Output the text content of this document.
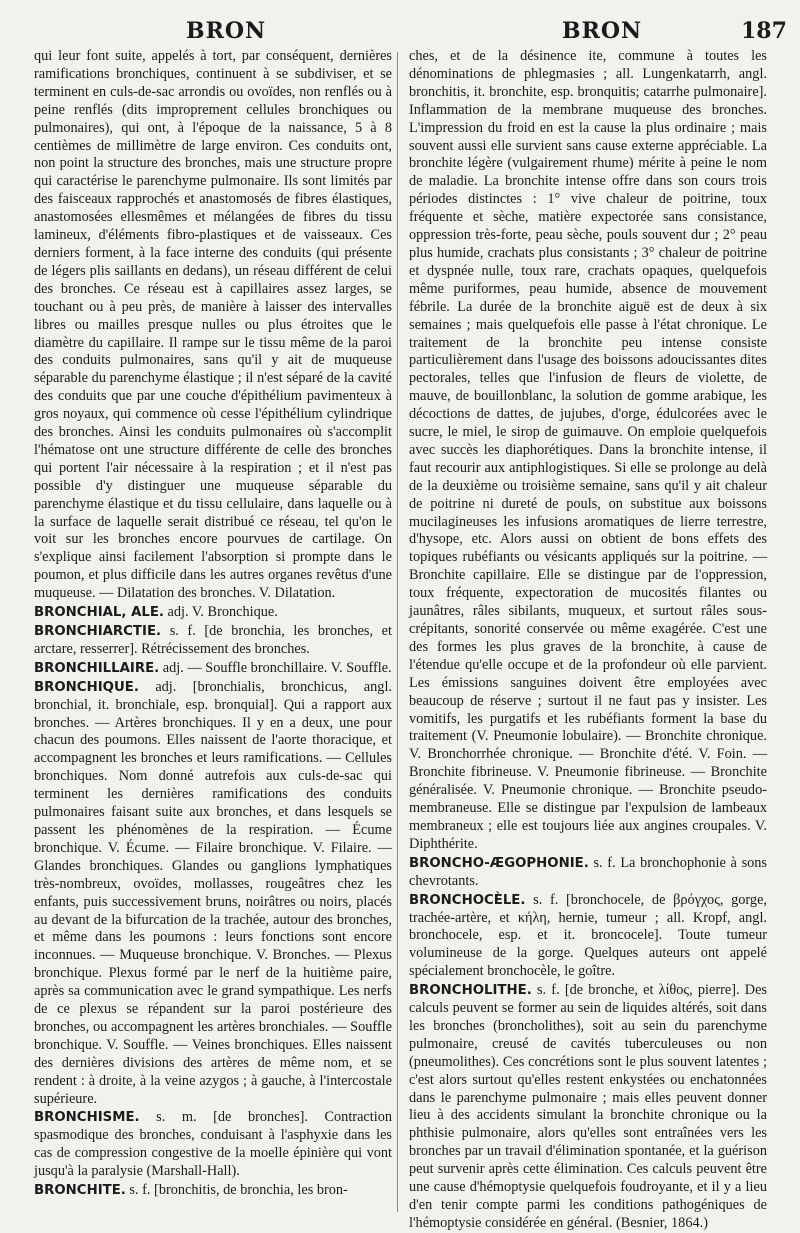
BRON	BRON	187

qui leur font suite, appelés à tort, par conséquent, dernières ramifications bronchiques, continuent à se subdiviser, et se terminent en culs-de-sac arrondis ou ovoïdes, non renflés ou à peine renflés (dits improprement cellules bronchiques ou pulmonaires), qui ont, à l'époque de la naissance, 5 à 8 centièmes de millimètre de large environ. Ces conduits ont, non point la structure des bronches, mais une structure propre qui caractérise le parenchyme pulmonaire. Ils sont limités par des faisceaux rapprochés et anastomosés de fibres élastiques, anastomosées ellesmêmes et mélangées de fibres du tissu lamineux, d'éléments fibro-plastiques et de vaisseaux. Ces derniers forment, à la face interne des conduits (qui présente de légers plis saillants en dedans), un réseau différent de celui des bronches. Ce réseau est à capillaires assez larges, se touchant ou à peu près, de manière à laisser des intervalles libres ou mailles presque nulles ou plus étroites que le diamètre du capillaire. Il rampe sur le tissu même de la paroi des conduits pulmonaires, sans qu'il y ait de muqueuse séparable du parenchyme élastique ; il n'est séparé de la cavité des conduits que par une couche d'épithélium pavimenteux à gros noyaux, qui commence où cesse l'épithélium cylindrique des bronches. Ainsi les conduits pulmonaires où s'accomplit l'hématose ont une structure différente de celle des bronches qui portent l'air nécessaire à la respiration ; et il n'est pas possible d'y distinguer une muqueuse séparable du parenchyme élastique et du tissu cellulaire, dans laquelle ou à la surface de laquelle serait distribué ce réseau, tel qu'on le voit sur les bronches encore pourvues de cartilage. On s'explique ainsi facilement l'absorption si prompte dans le poumon, et plus difficile dans les autres organes revêtus d'une muqueuse. — Dilatation des bronches. V. Dilatation.

BRONCHIAL, ALE. adj. V. Bronchique.

BRONCHIARCTIE. s. f. [de bronchia, les bronches, et arctare, resserrer]. Rétrécissement des bronches.

BRONCHILLAIRE. adj. — Souffle bronchillaire. V. Souffle.

BRONCHIQUE. adj. [bronchialis, bronchicus, angl. bronchial, it. bronchiale, esp. bronquial]. Qui a rapport aux bronches. — Artères bronchiques. Il y en a deux, une pour chacun des poumons. Elles naissent de l'aorte thoracique, et accompagnent les bronches et leurs ramifications. — Cellules bronchiques. Nom donné autrefois aux culs-de-sac qui terminent les dernières ramifications des conduits pulmonaires faisant suite aux bronches, et dans lesquels se passent les phénomènes de la respiration. — Écume bronchique. V. Écume. — Filaire bronchique. V. Filaire. — Glandes bronchiques. Glandes ou ganglions lymphatiques très-nombreux, ovoïdes, mollasses, rougeâtres chez les enfants, puis successivement bruns, noirâtres ou noirs, placés au devant de la bifurcation de la trachée, autour des bronches, et même dans les poumons : leurs fonctions sont encore inconnues. — Muqueuse bronchique. V. Bronches. — Plexus bronchique. Plexus formé par le nerf de la huitième paire, après sa communication avec le grand sympathique. Les nerfs de ce plexus se répandent sur la paroi postérieure des bronches, ou accompagnent les artères bronchiales. — Souffle bronchique. V. Souffle. — Veines bronchiques. Elles naissent des dernières divisions des artères de même nom, et se rendent : à droite, à la veine azygos ; à gauche, à l'intercostale supérieure.

BRONCHISME. s. m. [de bronches]. Contraction spasmodique des bronches, conduisant à l'asphyxie dans les cas de compression congestive de la moelle épinière qui vont jusqu'à la paralysie (Marshall-Hall).

BRONCHITE. s. f. [bronchitis, de bronchia, les bron-

ches, et de la désinence ite, commune à toutes les dénominations de phlegmasies ; all. Lungenkatarrh, angl. bronchitis, it. bronchite, esp. bronquitis; catarrhe pulmonaire]. Inflammation de la membrane muqueuse des bronches. L'impression du froid en est la cause la plus ordinaire ; mais souvent aussi elle survient sans cause externe appréciable. La bronchite légère (vulgairement rhume) mérite à peine le nom de maladie. La bronchite intense offre dans son cours trois périodes distinctes : 1° vive chaleur de poitrine, toux fréquente et sèche, matière expectorée sans consistance, oppression très-forte, peau sèche, pouls souvent dur ; 2° peau plus humide, crachats plus consistants ; 3° chaleur de poitrine et dyspnée nulle, toux rare, crachats opaques, quelquefois même puriformes, peau humide, absence de mouvement fébrile. La durée de la bronchite aiguë est de deux à six semaines ; mais quelquefois elle passe à l'état chronique. Le traitement de la bronchite peu intense consiste particulièrement dans l'usage des boissons adoucissantes dites pectorales, telles que l'infusion de fleurs de violette, de mauve, de bouillonblanc, la solution de gomme arabique, les décoctions de dattes, de jujubes, d'orge, édulcorées avec le sucre, le miel, le sirop de guimauve. On emploie quelquefois avec succès les diaphorétiques. Dans la bronchite intense, il faut recourir aux antiphlogistiques. Si elle se prolonge au delà de la deuxième ou troisième semaine, sans qu'il y ait chaleur de poitrine ni dureté de pouls, on substitue aux boissons mucilagineuses les infusions aromatiques de lierre terrestre, d'hysope, etc. Alors aussi on obtient de bons effets des topiques rubéfiants ou vésicants appliqués sur la poitrine. — Bronchite capillaire. Elle se distingue par de l'oppression, toux fréquente, expectoration de mucosités filantes ou jaunâtres, râles sibilants, muqueux, et surtout râles sous-crépitants, sonorité conservée ou même exagérée. C'est une des formes les plus graves de la bronchite, à cause de l'étendue qu'elle occupe et de la profondeur où elle parvient. Les émissions sanguines doivent être employées avec beaucoup de réserve ; surtout il ne faut pas y insister. Les vomitifs, les purgatifs et les rubéfiants forment la base du traitement (V. Pneumonie lobulaire). — Bronchite chronique. V. Bronchorrhée chronique. — Bronchite d'été. V. Foin. — Bronchite fibrineuse. V. Pneumonie fibrineuse. — Bronchite généralisée. V. Pneumonie chronique. — Bronchite pseudo-membraneuse. Elle se distingue par l'expulsion de lambeaux membraneux ; elle est toujours liée aux angines croupales. V. Diphthérite.

BRONCHO-ÆGOPHONIE. s. f. La bronchophonie à sons chevrotants.

BRONCHOCÈLE. s. f. [bronchocele, de βρόγχος, gorge, trachée-artère, et κήλη, hernie, tumeur ; all. Kropf, angl. bronchocele, esp. et it. broncocele]. Toute tumeur volumineuse de la gorge. Quelques auteurs ont appelé spécialement bronchocèle, le goître.

BRONCHOLITHE. s. f. [de bronche, et λίθος, pierre]. Des calculs peuvent se former au sein de liquides altérés, soit dans les bronches (broncholithes), soit au sein du parenchyme pulmonaire, creusé de cavités tuberculeuses ou non (pneumolithes). Ces concrétions sont le plus souvent latentes ; c'est alors surtout qu'elles restent enkystées ou enchatonnées dans le parenchyme pulmonaire ; mais elles peuvent donner lieu à des accidents simulant la bronchite chronique ou la phthisie pulmonaire, alors qu'elles sont entraînées vers les bronches par un travail d'élimination spontanée, et la guérison peut survenir après cette élimination. Ces calculs peuvent être une cause d'hémoptysie quelquefois foudroyante, et il y a lieu d'en tenir compte parmi les conditions pathogéniques de l'hémoptysie considérée en général. (Besnier, 1864.)
